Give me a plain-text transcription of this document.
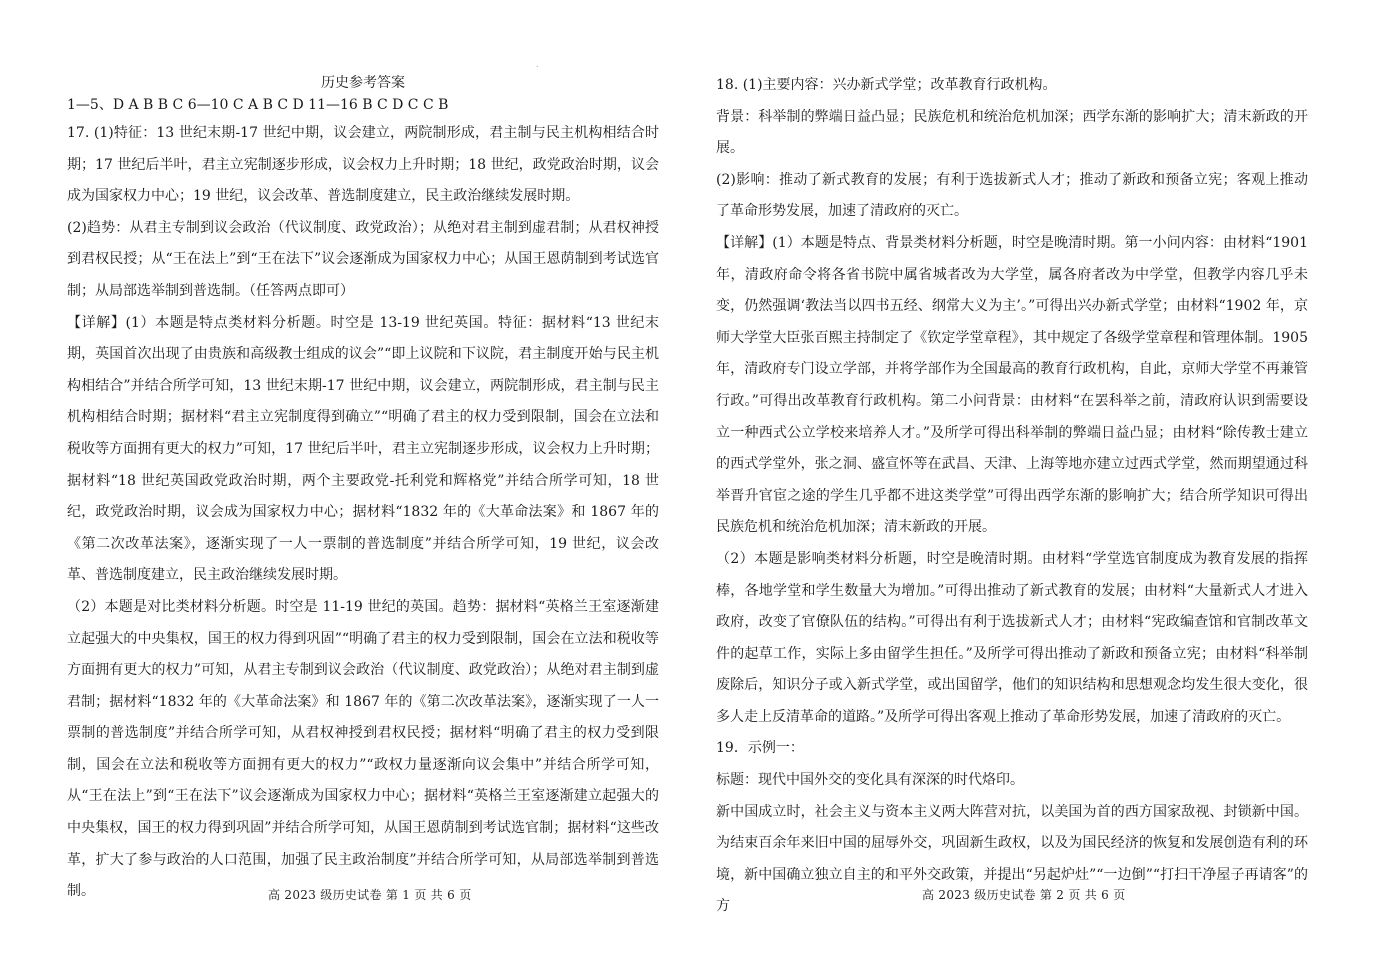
.

历史参考答案

1—5、D A B B C 6—10 C A B C D 11—16 B C D C C B

17. (1)特征：13 世纪末期-17 世纪中期，议会建立，两院制形成，君主制与民主机构相结合时期；17 世纪后半叶，君主立宪制逐步形成，议会权力上升时期；18 世纪，政党政治时期，议会成为国家权力中心；19 世纪，议会改革、普选制度建立，民主政治继续发展时期。

(2)趋势：从君主专制到议会政治（代议制度、政党政治）；从绝对君主制到虚君制；从君权神授到君权民授；从“王在法上”到“王在法下”议会逐渐成为国家权力中心；从国王恩荫制到考试选官制；从局部选举制到普选制。（任答两点即可）

【详解】(1）本题是特点类材料分析题。时空是 13-19 世纪英国。特征：据材料“13 世纪末期，英国首次出现了由贵族和高级教士组成的议会”“即上议院和下议院，君主制度开始与民主机构相结合”并结合所学可知，13 世纪末期-17 世纪中期，议会建立，两院制形成，君主制与民主机构相结合时期；据材料“君主立宪制度得到确立”“明确了君主的权力受到限制，国会在立法和税收等方面拥有更大的权力”可知，17 世纪后半叶，君主立宪制逐步形成，议会权力上升时期；据材料“18 世纪英国政党政治时期，两个主要政党-托利党和辉格党”并结合所学可知，18 世纪，政党政治时期，议会成为国家权力中心；据材料“1832 年的《大革命法案》和 1867 年的《第二次改革法案》，逐渐实现了一人一票制的普选制度”并结合所学可知，19 世纪，议会改革、普选制度建立，民主政治继续发展时期。

（2）本题是对比类材料分析题。时空是 11-19 世纪的英国。趋势：据材料“英格兰王室逐渐建立起强大的中央集权，国王的权力得到巩固”“明确了君主的权力受到限制，国会在立法和税收等方面拥有更大的权力”可知，从君主专制到议会政治（代议制度、政党政治）；从绝对君主制到虚君制；据材料“1832 年的《大革命法案》和 1867 年的《第二次改革法案》，逐渐实现了一人一票制的普选制度”并结合所学可知，从君权神授到君权民授；据材料“明确了君主的权力受到限制，国会在立法和税收等方面拥有更大的权力”“政权力量逐渐向议会集中”并结合所学可知，从“王在法上”到“王在法下”议会逐渐成为国家权力中心；据材料“英格兰王室逐渐建立起强大的中央集权，国王的权力得到巩固”并结合所学可知，从国王恩荫制到考试选官制；据材料“这些改革，扩大了参与政治的人口范围，加强了民主政治制度”并结合所学可知，从局部选举制到普选制。

18. (1)主要内容：兴办新式学堂；改革教育行政机构。

背景：科举制的弊端日益凸显；民族危机和统治危机加深；西学东渐的影响扩大；清末新政的开展。

(2)影响：推动了新式教育的发展；有利于选拔新式人才；推动了新政和预备立宪；客观上推动了革命形势发展，加速了清政府的灭亡。

【详解】(1）本题是特点、背景类材料分析题，时空是晚清时期。第一小问内容：由材料“1901 年，清政府命令将各省书院中属省城者改为大学堂，属各府者改为中学堂，但教学内容几乎未变，仍然强调‘教法当以四书五经、纲常大义为主’。”可得出兴办新式学堂；由材料“1902 年，京师大学堂大臣张百熙主持制定了《钦定学堂章程》，其中规定了各级学堂章程和管理体制。1905 年，清政府专门设立学部，并将学部作为全国最高的教育行政机构，自此，京师大学堂不再兼管行政。”可得出改革教育行政机构。第二小问背景：由材料“在罢科举之前，清政府认识到需要设立一种西式公立学校来培养人才。”及所学可得出科举制的弊端日益凸显；由材料“除传教士建立的西式学堂外，张之洞、盛宣怀等在武昌、天津、上海等地亦建立过西式学堂，然而期望通过科举晋升官宦之途的学生几乎都不进这类学堂”可得出西学东渐的影响扩大；结合所学知识可得出民族危机和统治危机加深；清末新政的开展。

（2）本题是影响类材料分析题，时空是晚清时期。由材料“学堂选官制度成为教育发展的指挥棒，各地学堂和学生数量大为增加。”可得出推动了新式教育的发展；由材料“大量新式人才进入政府，改变了官僚队伍的结构。”可得出有利于选拔新式人才；由材料“宪政编查馆和官制改革文件的起草工作，实际上多由留学生担任。”及所学可得出推动了新政和预备立宪；由材料“科举制废除后，知识分子或入新式学堂，或出国留学，他们的知识结构和思想观念均发生很大变化，很多人走上反清革命的道路。”及所学可得出客观上推动了革命形势发展，加速了清政府的灭亡。

19．示例一：

标题：现代中国外交的变化具有深深的时代烙印。

新中国成立时，社会主义与资本主义两大阵营对抗，以美国为首的西方国家敌视、封锁新中国。为结束百余年来旧中国的屈辱外交，巩固新生政权，以及为国民经济的恢复和发展创造有利的环境，新中国确立独立自主的和平外交政策，并提出“另起炉灶”“一边倒”“打扫干净屋子再请客”的方

高 2023 级历史试卷 第 1 页 共 6 页	高 2023 级历史试卷 第 2 页 共 6 页
